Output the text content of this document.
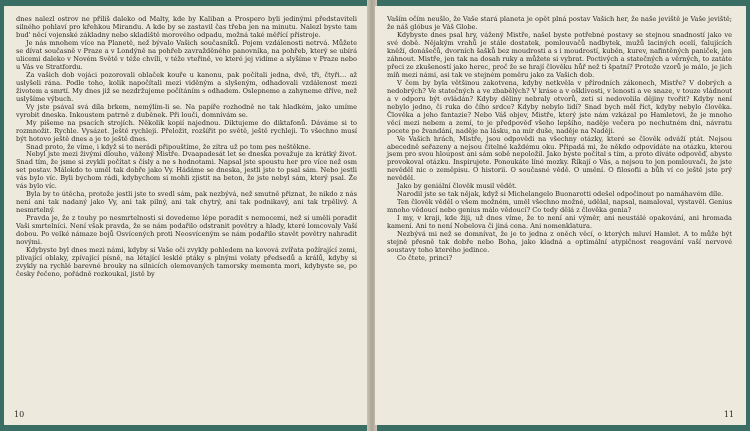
dnes nalezl ostrov ne příliš daleko od Malty, kde by Kaliban a Prospero byli jedinými představiteli silného pohlaví pro křehkou Mirandu. A kde by se zastavil čas třeba jen na minutu. Nalezl byste tam bud' něcí vojenské základny nebo skladiště morového odpadu, možná také měřící přístroje.

Je nás mnohem více na Planetě, než bývalo Vašich současníků. Pojem vzdálenosti netrvá. Můžete se dívat současně v Praze a v Londýně na pohřeb zavražděného panovníka, na pohřeb, který se ubírá ulicemi daleko v Novém Světě v téže chvíli, v téže vteřině, ve které jej vidíme a slyšíme v Praze nebo u Vás ve Stratfordu.

Za vašich dob vojáci pozorovali oblaček kouře u kanonu, pak počítali jedna, dvě, tři, čtyři… až uslyšeli rána. Podle toho, kolik napočítali mezi viděným a slyšeným, odhadovali vzdálenost mezi životem a smrtí. My dnes již se nezdržujeme počítáním s odhadem. Oslepneme a zahyneme dříve, než uslyšíme výbuch.

Vy jste psával svá díla brkem, nemýlím-li se. Na papíře rozhodně ne tak hladkém, jako umíme vyrobit dneska. Inkoustem patrně z duběnek. Při louči, domnívám se.

My píšeme na psacích strojích. Několik kopií najednou. Diktujeme do diktafonů. Dáváme si to rozmnožit. Rychle. Vysázet. Ještě rychleji. Přeložit, rozšířit po světě, ještě rychleji. To všechno musí být hotovo ještě dnes a je to ještě dnes.

Snad proto, že víme, i když si to nerádi připouštíme, že zítra už po tom pes neštěkne.

Nebyl jste mezi živými dlouho, vážený Mistře. Dvaapadesát let se dneska považuje za krátký život. Snad tím, že jsme si zvykli počítat s čísly a ne s hodnotami. Napsal jste spoustu her pro více než osm set postav. Málokdo to uměl tak dobře jako Vy. Hádáme se dneska, jestli jste to psal sám. Nebo jestli vás bylo víc. Byli bychom rádi, kdybychom si mohli zjistit na beton, že jste nebyl sám, který psal. Že vás bylo víc.

Byla by to útěcha, protože jestli jste to svedl sám, pak nezbývá, než smutně přiznat, že nikdo z nás není ani tak nadaný jako Vy, ani tak pilný, ani tak chytrý, ani tak podnikavý, ani tak trpělivý. A nesmrtelný.

Pravda je, že z touhy po nesmrtelnosti si dovedeme lépe poradit s nemocemi, než si uměli poradit Vaši smrtelníci. Není však pravda, že se nám podařilo odstranit povětry a hlady, které lomcovaly Vaší dobou. Po velké námaze bojů Osvícených proti Neosvíceným se nám podařilo stavět povětry nahradit novými.

Kdybyste byl dnes mezi námi, kdyby si Vaše oči zvykly pohledem na kovová zvířata požírající zemi, plivající oblaky, zpívající písně, na létající lesklé ptáky s plnými volaty předsedů a králů, kdyby si zvykly na rychlé barevné brouky na silnicích olemovaných tamorsky mementa mori, kdybyste se, po česky řečeno, pořádně rozkoukal, jistě by

10

Vaším očím neušlo, že Vaše stará planeta je opět plná postav Vašich her, že naše jeviště je Vaše jeviště; že náš glóbus je Váš Globe.

Kdybyste dnes psal hry, vážený Mistře, našel byste potřebné postavy se stejnou snadností jako ve své době. Nějakým vrahů je stále dostatek, pomlouvačů nadbytek, mužů laciných ocelí, ťalujících kněží, donášečů, dvorních šašků bez moudrosti a s i moudrostí, kuběn, kurev, nafintěných paniček, jen záhnout. Mistře, jen tak na dosah ruky a můžete si vybrat. Poctivých a statečných a věrných, to zatáte přeci ze zkušeností jako herec, proč že se hrají člověku hůř než ti špatní? Protože vzorů je málo, je jich míň mezi námi, asi tak ve stejném poměru jako za Vašich dob.

V čem by byla většinou zakotvena, kdyby netkvěla v přírodních zákonech, Mistře? V dobrých a nedobrých? Ve statečných a ve zbabělých? V kráse a v ošklivosti, v lenosti a ve snaze, v touze vládnout a v odporu být ovládán? Kdyby děliny nebraly otvorů, zeti si nedovolila dějiny tvořit? Kdyby není nebylo jedno, či ruka do čího srdce? Kdyby nebylo lidí? Snad bych měl říct, kdyby nebylo člověka. Člověka a jeho fantazie? Nebo Váš objev, Mistře, který jste nám vzkázal po Hamletovi, že je mnoho věcí mezi nebem a zemí, to je předpověď všeho lepšího, naděje večera po nechutném dni, návratu pocete po žvandání, naděje na lásku, na mír duše, naděje na Naději.

Ve Vašich hrách, Mistře, jsou odpovědi na všechny otázky, které se člověk odváží ptát. Nejsou abecedně seřazeny a nejsou čitelné každému oku. Připadá mi, že někdo odpovídáte na otázku, kterou jsem pro svou hloupost ani sám sobě nepoložil. Jako byste počítal s tím, a proto díváte odpověď, abyste provokoval otázku. Inspirujete. Ponoukáte líné mozky. Říkají o Vás, a nejsou to jen pomlouvači, že jste nevěděl nic o zeměpisu. O historii. O současné vědě. O umění. O filosofii a bůh ví co ještě jste prý nevěděl.

Jako by geniální člověk musil vědět.

Narodil jste se tak nějak, když si Michelangelo Buonarotti odešel odpočinout po namáhavém díle.

Ten člověk věděl o všem možném, uměl všechno možné, udělal, napsal, namaloval, vystavěl. Genius mnoho vědoucí nebo genius málo vědoucí? Co tedy dělá z člověka genia?

I my, v kraji, kde žiji, už dnes víme, že to není ani výměr, ani neustálé opakování, ani hromada kamení. Ani to není Nobelova či jiná cena. Ani nomenklatura.

Nezbývá mi než se domnívat, že je to jedna z oněch věcí, o kterých mluví Hamlet. A to může být stejně přesně tak dobře nebo Boha, jako kladná a optimální atypičnost reagování vaší nervové soustavy toho kterého jedince.

Co čtete, princi?

11
